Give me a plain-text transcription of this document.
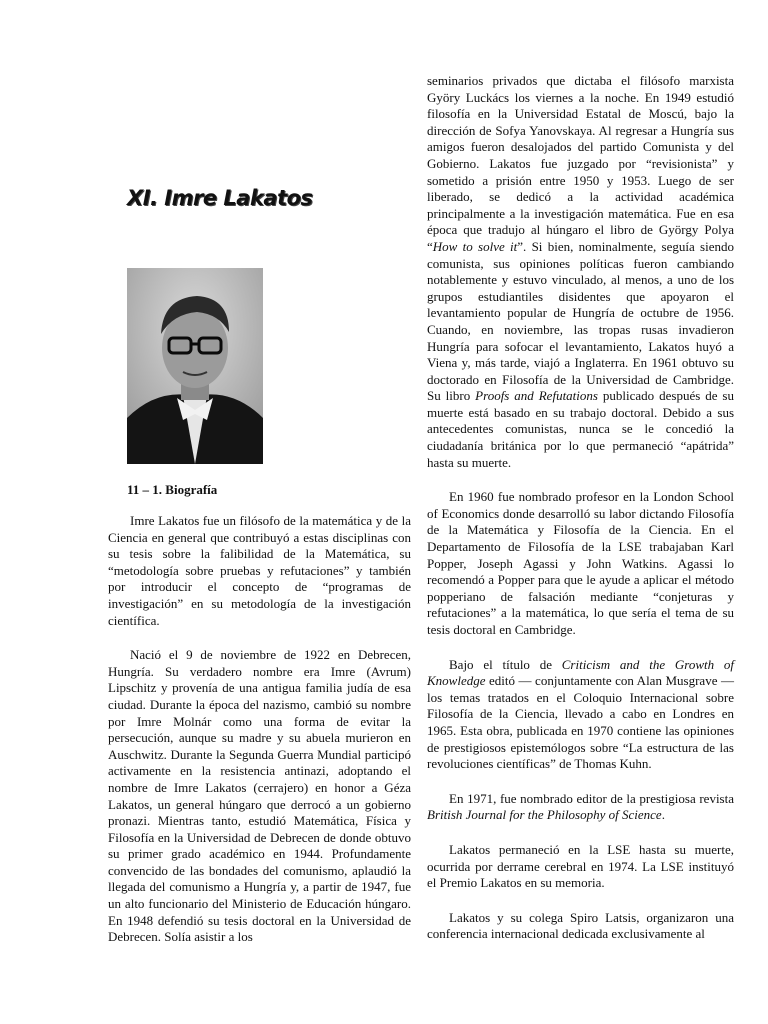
XI. Imre Lakatos
11 – 1. Biografía

Imre Lakatos fue un filósofo de la matemática y de la Ciencia en general que contribuyó a estas disciplinas con su tesis sobre la falibilidad de la Matemática, su “metodología sobre pruebas y refutaciones” y también por introducir el concepto de “programas de investigación” en su metodología de la investigación científica.

Nació el 9 de noviembre de 1922 en Debrecen, Hungría. Su verdadero nombre era Imre (Avrum) Lipschitz y provenía de una antigua familia judía de esa ciudad. Durante la época del nazismo, cambió su nombre por Imre Molnár como una forma de evitar la persecución, aunque su madre y su abuela murieron en Auschwitz. Durante la Segunda Guerra Mundial participó activamente en la resistencia antinazi, adoptando el nombre de Imre Lakatos (cerrajero) en honor a Géza Lakatos, un general húngaro que derrocó a un gobierno pronazi. Mientras tanto, estudió Matemática, Física y Filosofía en la Universidad de Debrecen de donde obtuvo su primer grado académico en 1944. Profundamente convencido de las bondades del comunismo, aplaudió la llegada del comunismo a Hungría y, a partir de 1947, fue un alto funcionario del Ministerio de Educación húngaro. En 1948 defendió su tesis doctoral en la Universidad de Debrecen. Solía asistir a los

seminarios privados que dictaba el filósofo marxista Györy Luckács los viernes a la noche. En 1949 estudió filosofía en la Universidad Estatal de Moscú, bajo la dirección de Sofya Yanovskaya. Al regresar a Hungría sus amigos fueron desalojados del partido Comunista y del Gobierno. Lakatos fue juzgado por “revisionista” y sometido a prisión entre 1950 y 1953. Luego de ser liberado, se dedicó a la actividad académica principalmente a la investigación matemática. Fue en esa época que tradujo al húngaro el libro de György Polya “How to solve it”. Si bien, nominalmente, seguía siendo comunista, sus opiniones políticas fueron cambiando notablemente y estuvo vinculado, al menos, a uno de los grupos estudiantiles disidentes que apoyaron el levantamiento popular de Hungría de octubre de 1956. Cuando, en noviembre, las tropas rusas invadieron Hungría para sofocar el levantamiento, Lakatos huyó a Viena y, más tarde, viajó a Inglaterra. En 1961 obtuvo su doctorado en Filosofía de la Universidad de Cambridge. Su libro Proofs and Refutations publicado después de su muerte está basado en su trabajo doctoral. Debido a sus antecedentes comunistas, nunca se le concedió la ciudadanía británica por lo que permaneció “apátrida” hasta su muerte.

En 1960 fue nombrado profesor en la London School of Economics donde desarrolló su labor dictando Filosofía de la Matemática y Filosofía de la Ciencia. En el Departamento de Filosofía de la LSE trabajaban Karl Popper, Joseph Agassi y John Watkins. Agassi lo recomendó a Popper para que le ayude a aplicar el método popperiano de falsación mediante “conjeturas y refutaciones” a la matemática, lo que sería el tema de su tesis doctoral en Cambridge.

Bajo el título de Criticism and the Growth of Knowledge editó — conjuntamente con Alan Musgrave — los temas tratados en el Coloquio Internacional sobre Filosofía de la Ciencia, llevado a cabo en Londres en 1965. Esta obra, publicada en 1970 contiene las opiniones de prestigiosos epistemólogos sobre “La estructura de las revoluciones científicas” de Thomas Kuhn.

En 1971, fue nombrado editor de la prestigiosa revista British Journal for the Philosophy of Science.

Lakatos permaneció en la LSE hasta su muerte, ocurrida por derrame cerebral en 1974. La LSE instituyó el Premio Lakatos en su memoria.

Lakatos y su colega Spiro Latsis, organizaron una conferencia internacional dedicada exclusivamente al
